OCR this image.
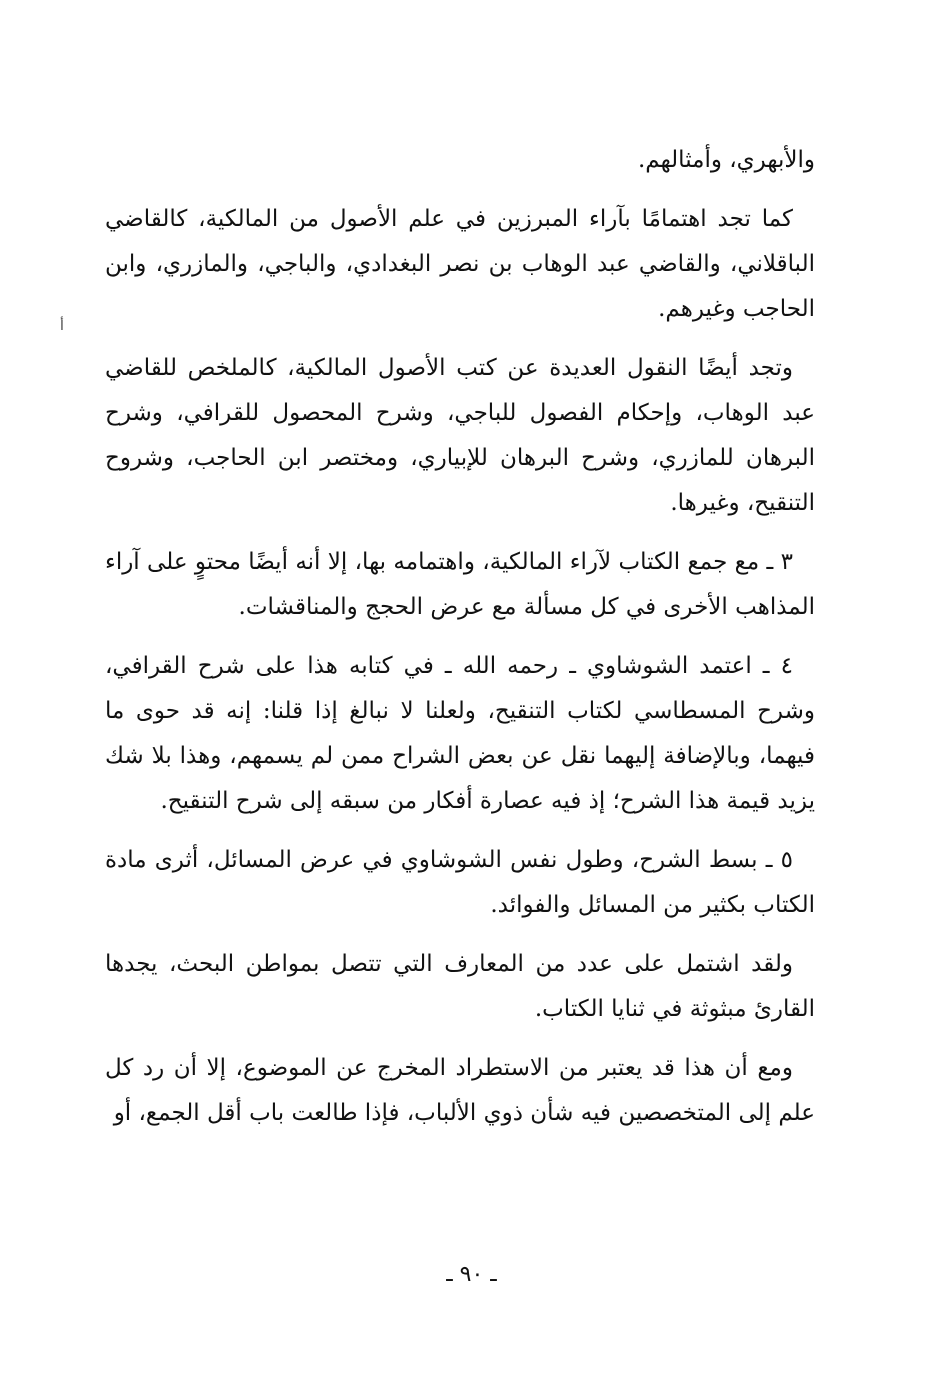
والأبهري، وأمثالهم.

كما تجد اهتمامًا بآراء المبرزين في علم الأصول من المالكية، كالقاضي الباقلاني، والقاضي عبد الوهاب بن نصر البغدادي، والباجي، والمازري، وابن الحاجب وغيرهم.

وتجد أيضًا النقول العديدة عن كتب الأصول المالكية، كالملخص للقاضي عبد الوهاب، وإحكام الفصول للباجي، وشرح المحصول للقرافي، وشرح البرهان للمازري، وشرح البرهان للإبياري، ومختصر ابن الحاجب، وشروح التنقيح، وغيرها.

٣ ـ مع جمع الكتاب لآراء المالكية، واهتمامه بها، إلا أنه أيضًا محتوٍ على آراء المذاهب الأخرى في كل مسألة مع عرض الحجج والمناقشات.

٤ ـ اعتمد الشوشاوي ـ رحمه الله ـ في كتابه هذا على شرح القرافي، وشرح المسطاسي لكتاب التنقيح، ولعلنا لا نبالغ إذا قلنا: إنه قد حوى ما فيهما، وبالإضافة إليهما نقل عن بعض الشراح ممن لم يسمهم، وهذا بلا شك يزيد قيمة هذا الشرح؛ إذ فيه عصارة أفكار من سبقه إلى شرح التنقيح.

٥ ـ بسط الشرح، وطول نفس الشوشاوي في عرض المسائل، أثرى مادة الكتاب بكثير من المسائل والفوائد.

ولقد اشتمل على عدد من المعارف التي تتصل بمواطن البحث، يجدها القارئ مبثوثة في ثنايا الكتاب.

ومع أن هذا قد يعتبر من الاستطراد المخرج عن الموضوع، إلا أن رد كل علم إلى المتخصصين فيه شأن ذوي الألباب، فإذا طالعت باب أقل الجمع، أو

أ
ـ ٩٠ ـ
